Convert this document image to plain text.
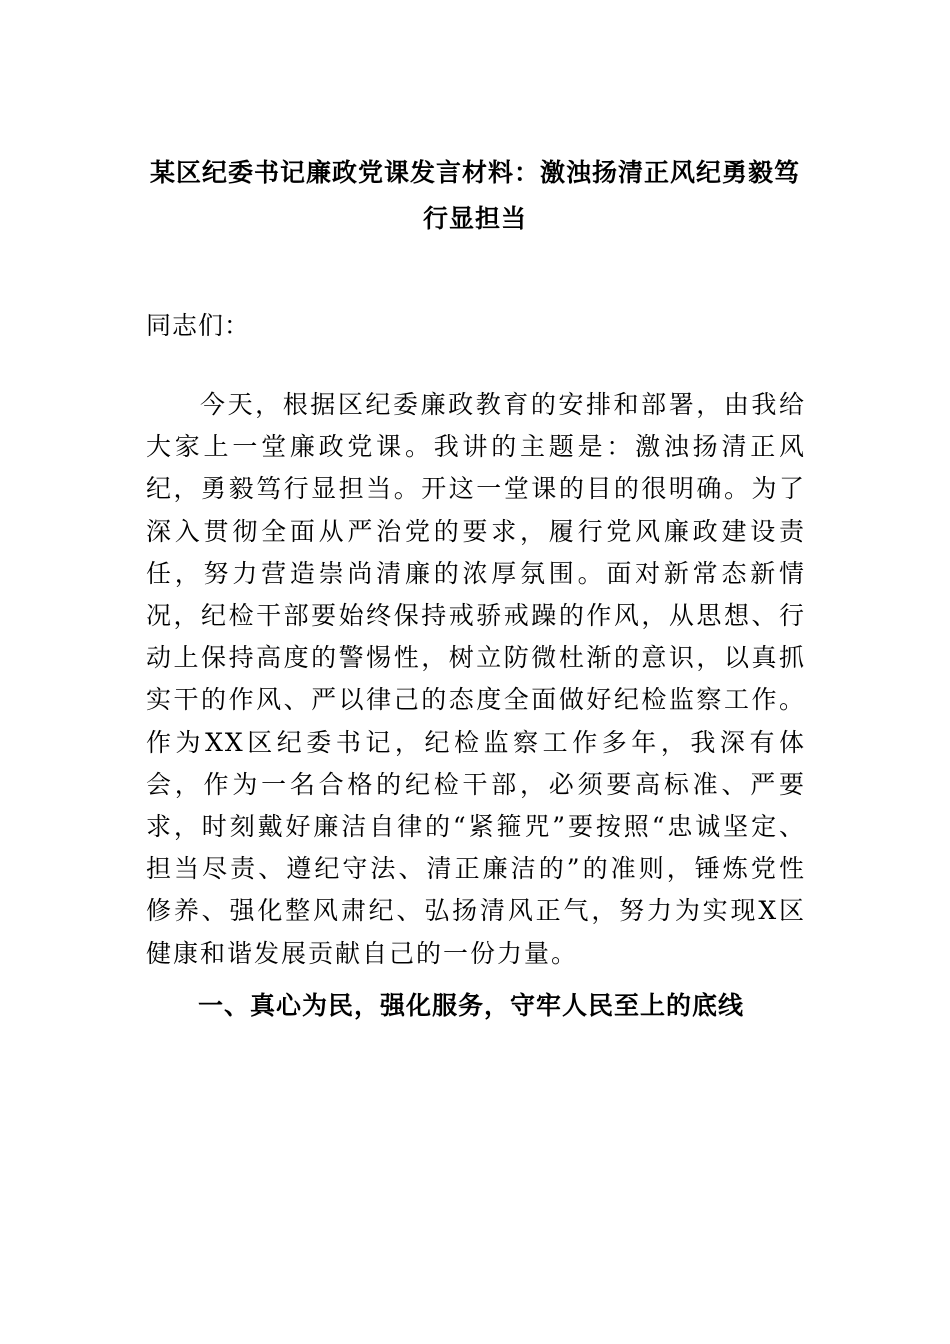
某区纪委书记廉政党课发言材料：激浊扬清正风纪勇毅笃
行显担当

同志们：

今天，根据区纪委廉政教育的安排和部署，由我给大家上一堂廉政党课。我讲的主题是：激浊扬清正风纪，勇毅笃行显担当。开这一堂课的目的很明确。为了深入贯彻全面从严治党的要求，履行党风廉政建设责任，努力营造崇尚清廉的浓厚氛围。面对新常态新情况，纪检干部要始终保持戒骄戒躁的作风，从思想、行动上保持高度的警惕性，树立防微杜渐的意识，以真抓实干的作风、严以律己的态度全面做好纪检监察工作。作为XX区纪委书记，纪检监察工作多年，我深有体会，作为一名合格的纪检干部，必须要高标准、严要求，时刻戴好廉洁自律的“紧箍咒”要按照“忠诚坚定、担当尽责、遵纪守法、清正廉洁的”的准则，锤炼党性修养、强化整风肃纪、弘扬清风正气，努力为实现X区健康和谐发展贡献自己的一份力量。

一、真心为民，强化服务，守牢人民至上的底线
